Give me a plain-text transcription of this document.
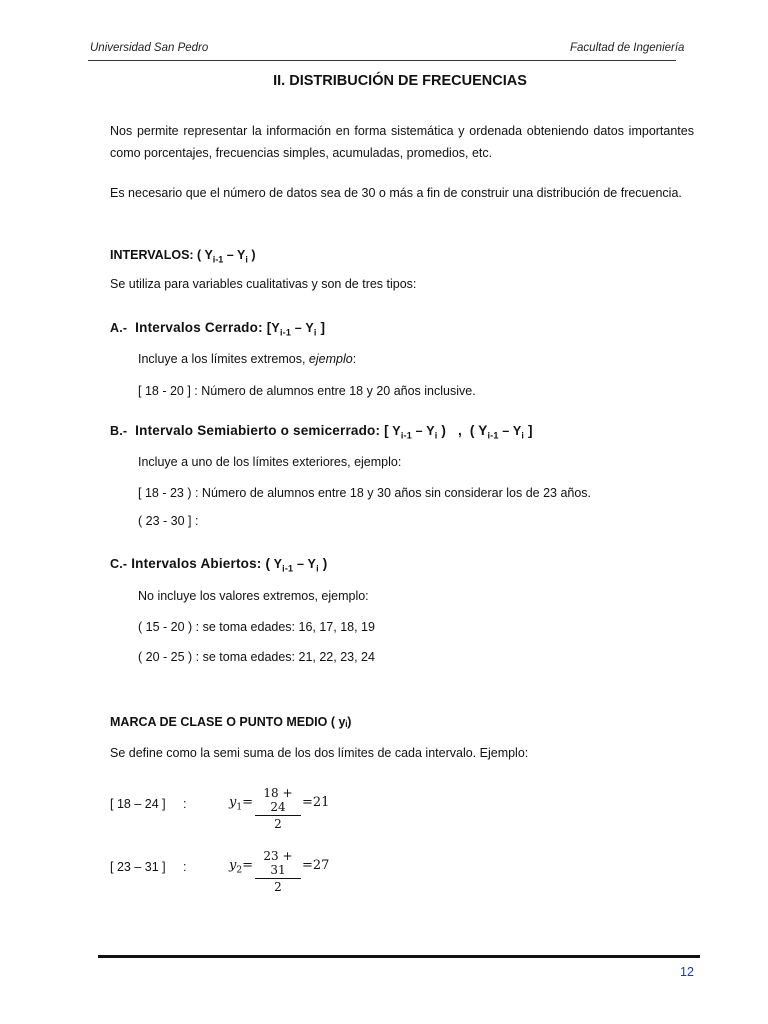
Universidad San Pedro	Facultad de Ingeniería
II. DISTRIBUCIÓN DE FRECUENCIAS
Nos permite representar la información en forma sistemática y ordenada obteniendo datos importantes como porcentajes, frecuencias simples, acumuladas, promedios, etc.
Es necesario que el número de datos sea de 30 o más a fin de construir una distribución de frecuencia.
INTERVALOS: ( $Y_{i-1} - Y_i$ )
Se utiliza para variables cualitativas y son de tres tipos:
A.- Intervalos Cerrado: [$Y_{i-1} - Y_i$ ]
Incluye a los límites extremos, ejemplo:
[ 18 - 20 ] : Número de alumnos entre 18 y 20 años inclusive.
B.- Intervalo Semiabierto o semicerrado: [ $Y_{i-1} - Y_i$ ) , ( $Y_{i-1} - Y_i$ ]
Incluye a uno de los límites exteriores, ejemplo:
[ 18 - 23 ) : Número de alumnos entre 18 y 30 años sin considerar los de 23 años.
( 23 - 30 ] :
C.- Intervalos Abiertos: ( $Y_{i-1} - Y_i$ )
No incluye los valores extremos, ejemplo:
( 15 - 20 ) : se toma edades: 16, 17, 18, 19
( 20 - 25 ) : se toma edades: 21, 22, 23, 24
MARCA DE CLASE O PUNTO MEDIO ( yᵢ)
Se define como la semi suma de los dos límites de cada intervalo. Ejemplo:
[ 18 – 24 ] :	$y_1=$
18 + 24
2
=21
[ 23 – 31 ] :	$y_2=$
23 + 31
2
=27
12
